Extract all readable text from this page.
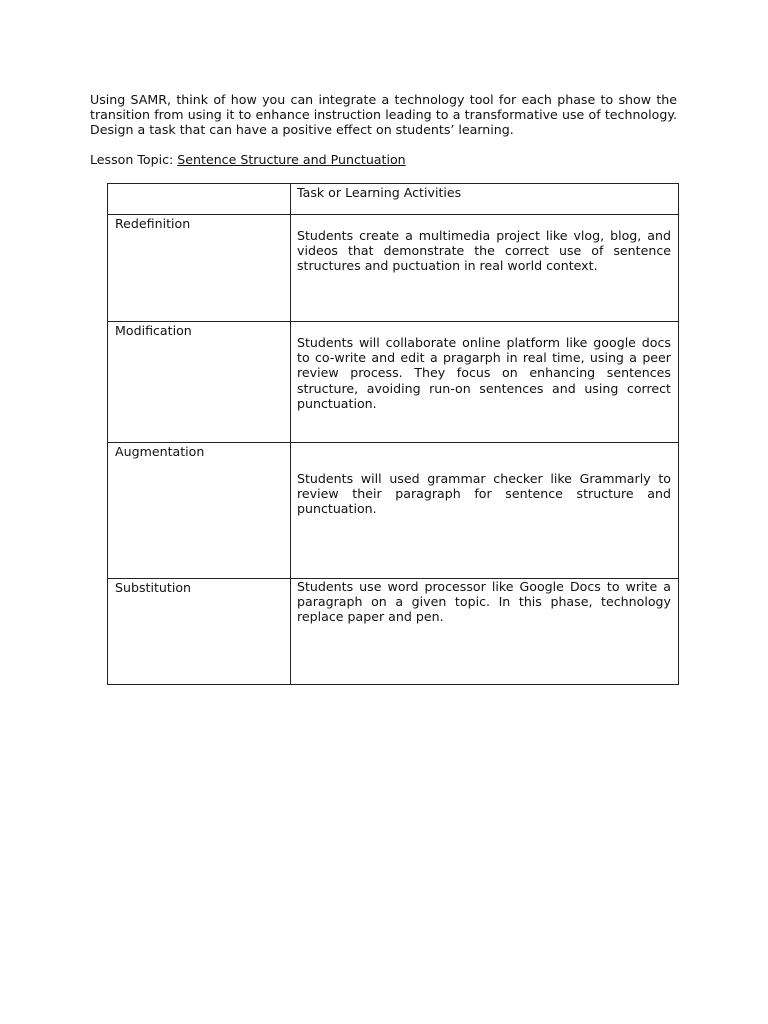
Using SAMR, think of how you can integrate a technology tool for each phase to show the transition from using it to enhance instruction leading to a transformative use of technology. Design a task that can have a positive effect on students’ learning.

Lesson Topic: Sentence Structure and Punctuation

	Task or Learning Activities

Redefinition	Students create a multimedia project like vlog, blog, and videos that demonstrate the correct use of sentence structures and puctuation in real world context.

Modification	Students will collaborate online platform like google docs to co-write and edit a pragarph in real time, using a peer review process. They focus on enhancing sentences structure, avoiding run-on sentences and using correct punctuation.

Augmentation	Students will used grammar checker like Grammarly to review their paragraph for sentence structure and punctuation.

Substitution	Students use word processor like Google Docs to write a paragraph on a given topic. In this phase, technology replace paper and pen.
